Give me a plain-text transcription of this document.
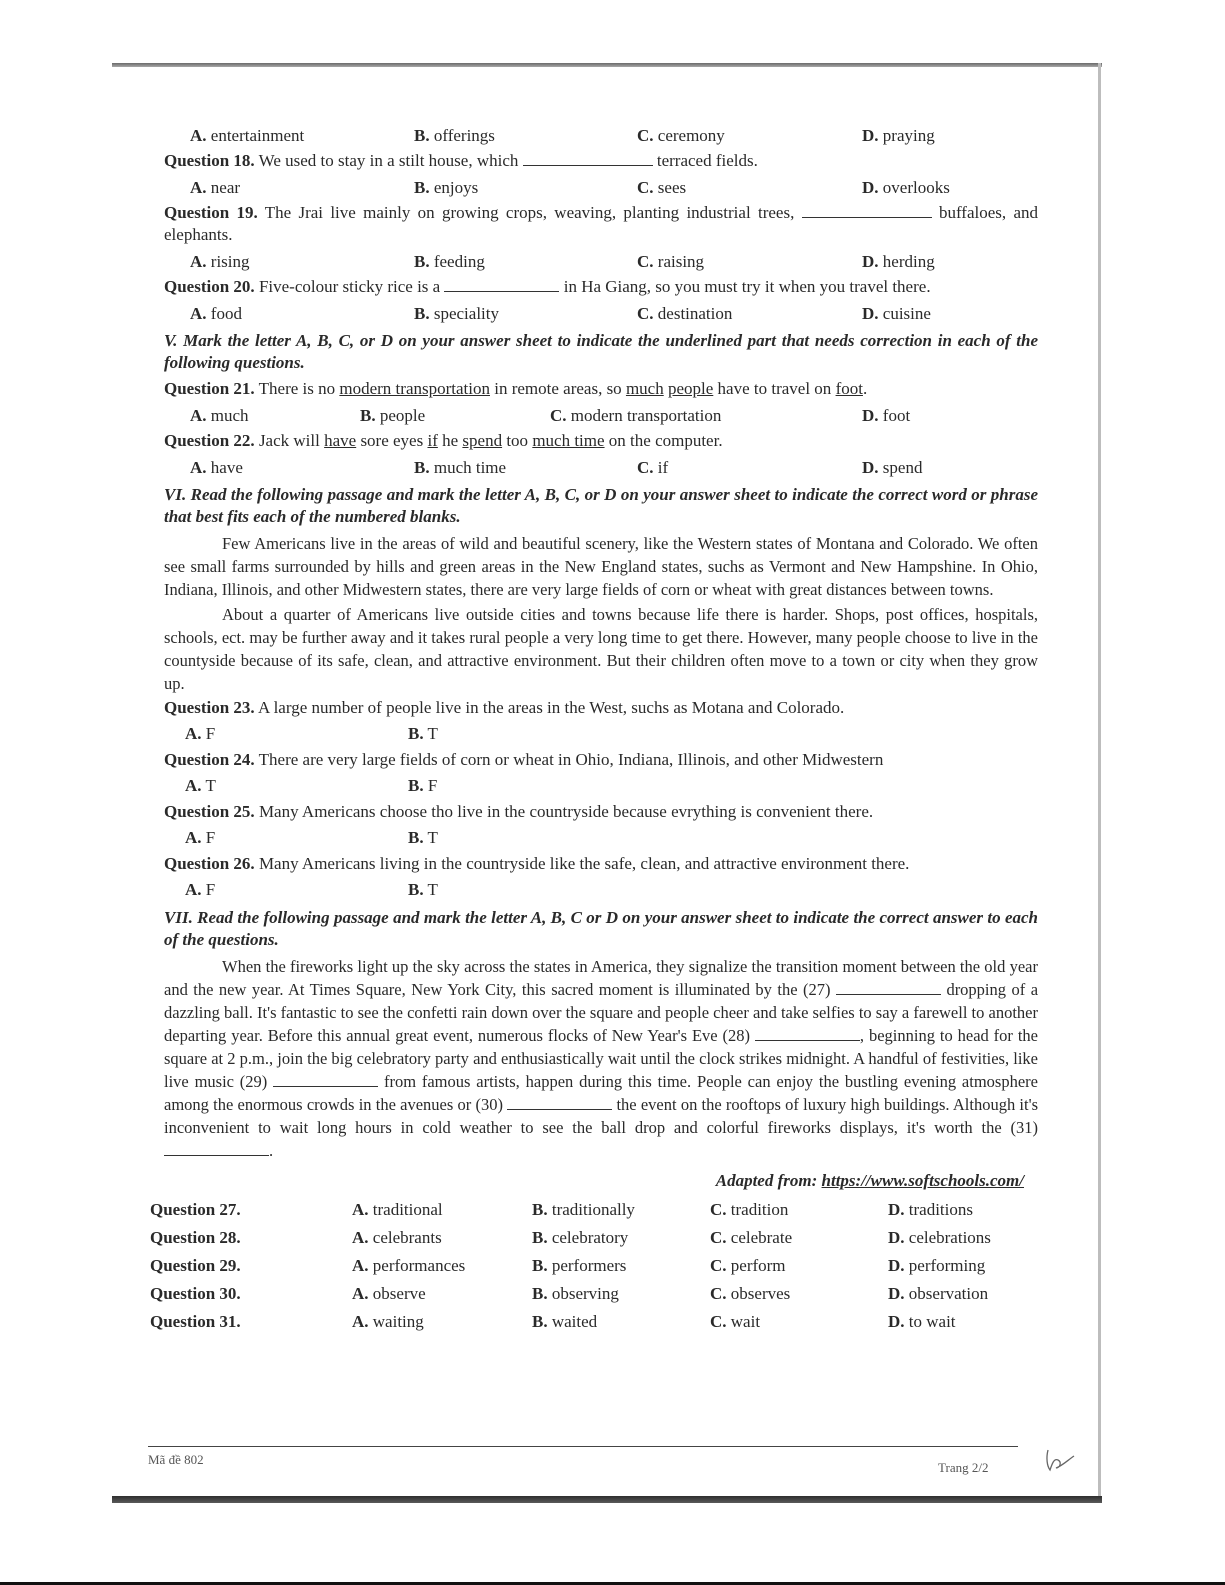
A. entertainment	B. offerings	C. ceremony	D. praying
Question 18. We used to stay in a stilt house, which	terraced fields.
A. near	B. enjoys	C. sees	D. overlooks
Question 19. The Jrai live mainly on growing crops, weaving, planting industrial trees,	buffaloes, and elephants.
A. rising	B. feeding	C. raising	D. herding
Question 20. Five-colour sticky rice is a	in Ha Giang, so you must try it when you travel there.
A. food	B. speciality	C. destination	D. cuisine
V. Mark the letter A, B, C, or D on your answer sheet to indicate the underlined part that needs correction in each of the following questions.
Question 21. There is no modern transportation in remote areas, so much people have to travel on foot.
A. much	B. people	C. modern transportation	D. foot
Question 22. Jack will have sore eyes if he spend too much time on the computer.
A. have	B. much time	C. if	D. spend
VI. Read the following passage and mark the letter A, B, C, or D on your answer sheet to indicate the correct word or phrase that best fits each of the numbered blanks.
Few Americans live in the areas of wild and beautiful scenery, like the Western states of Montana and Colorado. We often see small farms surrounded by hills and green areas in the New England states, suchs as Vermont and New Hampshine. In Ohio, Indiana, Illinois, and other Midwestern states, there are very large fields of corn or wheat with great distances between towns.
About a quarter of Americans live outside cities and towns because life there is harder. Shops, post offices, hospitals, schools, ect. may be further away and it takes rural people a very long time to get there. However, many people choose to live in the countyside because of its safe, clean, and attractive environment. But their children often move to a town or city when they grow up.
Question 23. A large number of people live in the areas in the West, suchs as Motana and Colorado.
A. F	B. T
Question 24. There are very large fields of corn or wheat in Ohio, Indiana, Illinois, and other Midwestern
A. T	B. F
Question 25. Many Americans choose tho live in the countryside because evrything is convenient there.
A. F	B. T
Question 26. Many Americans living in the countryside like the safe, clean, and attractive environment there.
A. F	B. T
VII. Read the following passage and mark the letter A, B, C or D on your answer sheet to indicate the correct answer to each of the questions.
When the fireworks light up the sky across the states in America, they signalize the transition moment between the old year and the new year. At Times Square, New York City, this sacred moment is illuminated by the (27)	dropping of a dazzling ball. It's fantastic to see the confetti rain down over the square and people cheer and take selfies to say a farewell to another departing year. Before this annual great event, numerous flocks of New Year's Eve (28)	, beginning to head for the square at 2 p.m., join the big celebratory party and enthusiastically wait until the clock strikes midnight. A handful of festivities, like live music (29)	from famous artists, happen during this time. People can enjoy the bustling evening atmosphere among the enormous crowds in the avenues or (30)	the event on the rooftops of luxury high buildings. Although it's inconvenient to wait long hours in cold weather to see the ball drop and colorful fireworks displays, it's worth the (31) .
Adapted from: https://www.softschools.com/
Question 27.	A. traditional	B. traditionally	C. tradition	D. traditions
Question 28.	A. celebrants	B. celebratory	C. celebrate	D. celebrations
Question 29.	A. performances	B. performers	C. perform	D. performing
Question 30.	A. observe	B. observing	C. observes	D. observation
Question 31.	A. waiting	B. waited	C. wait	D. to wait
Mã đề 802
Trang 2/2
